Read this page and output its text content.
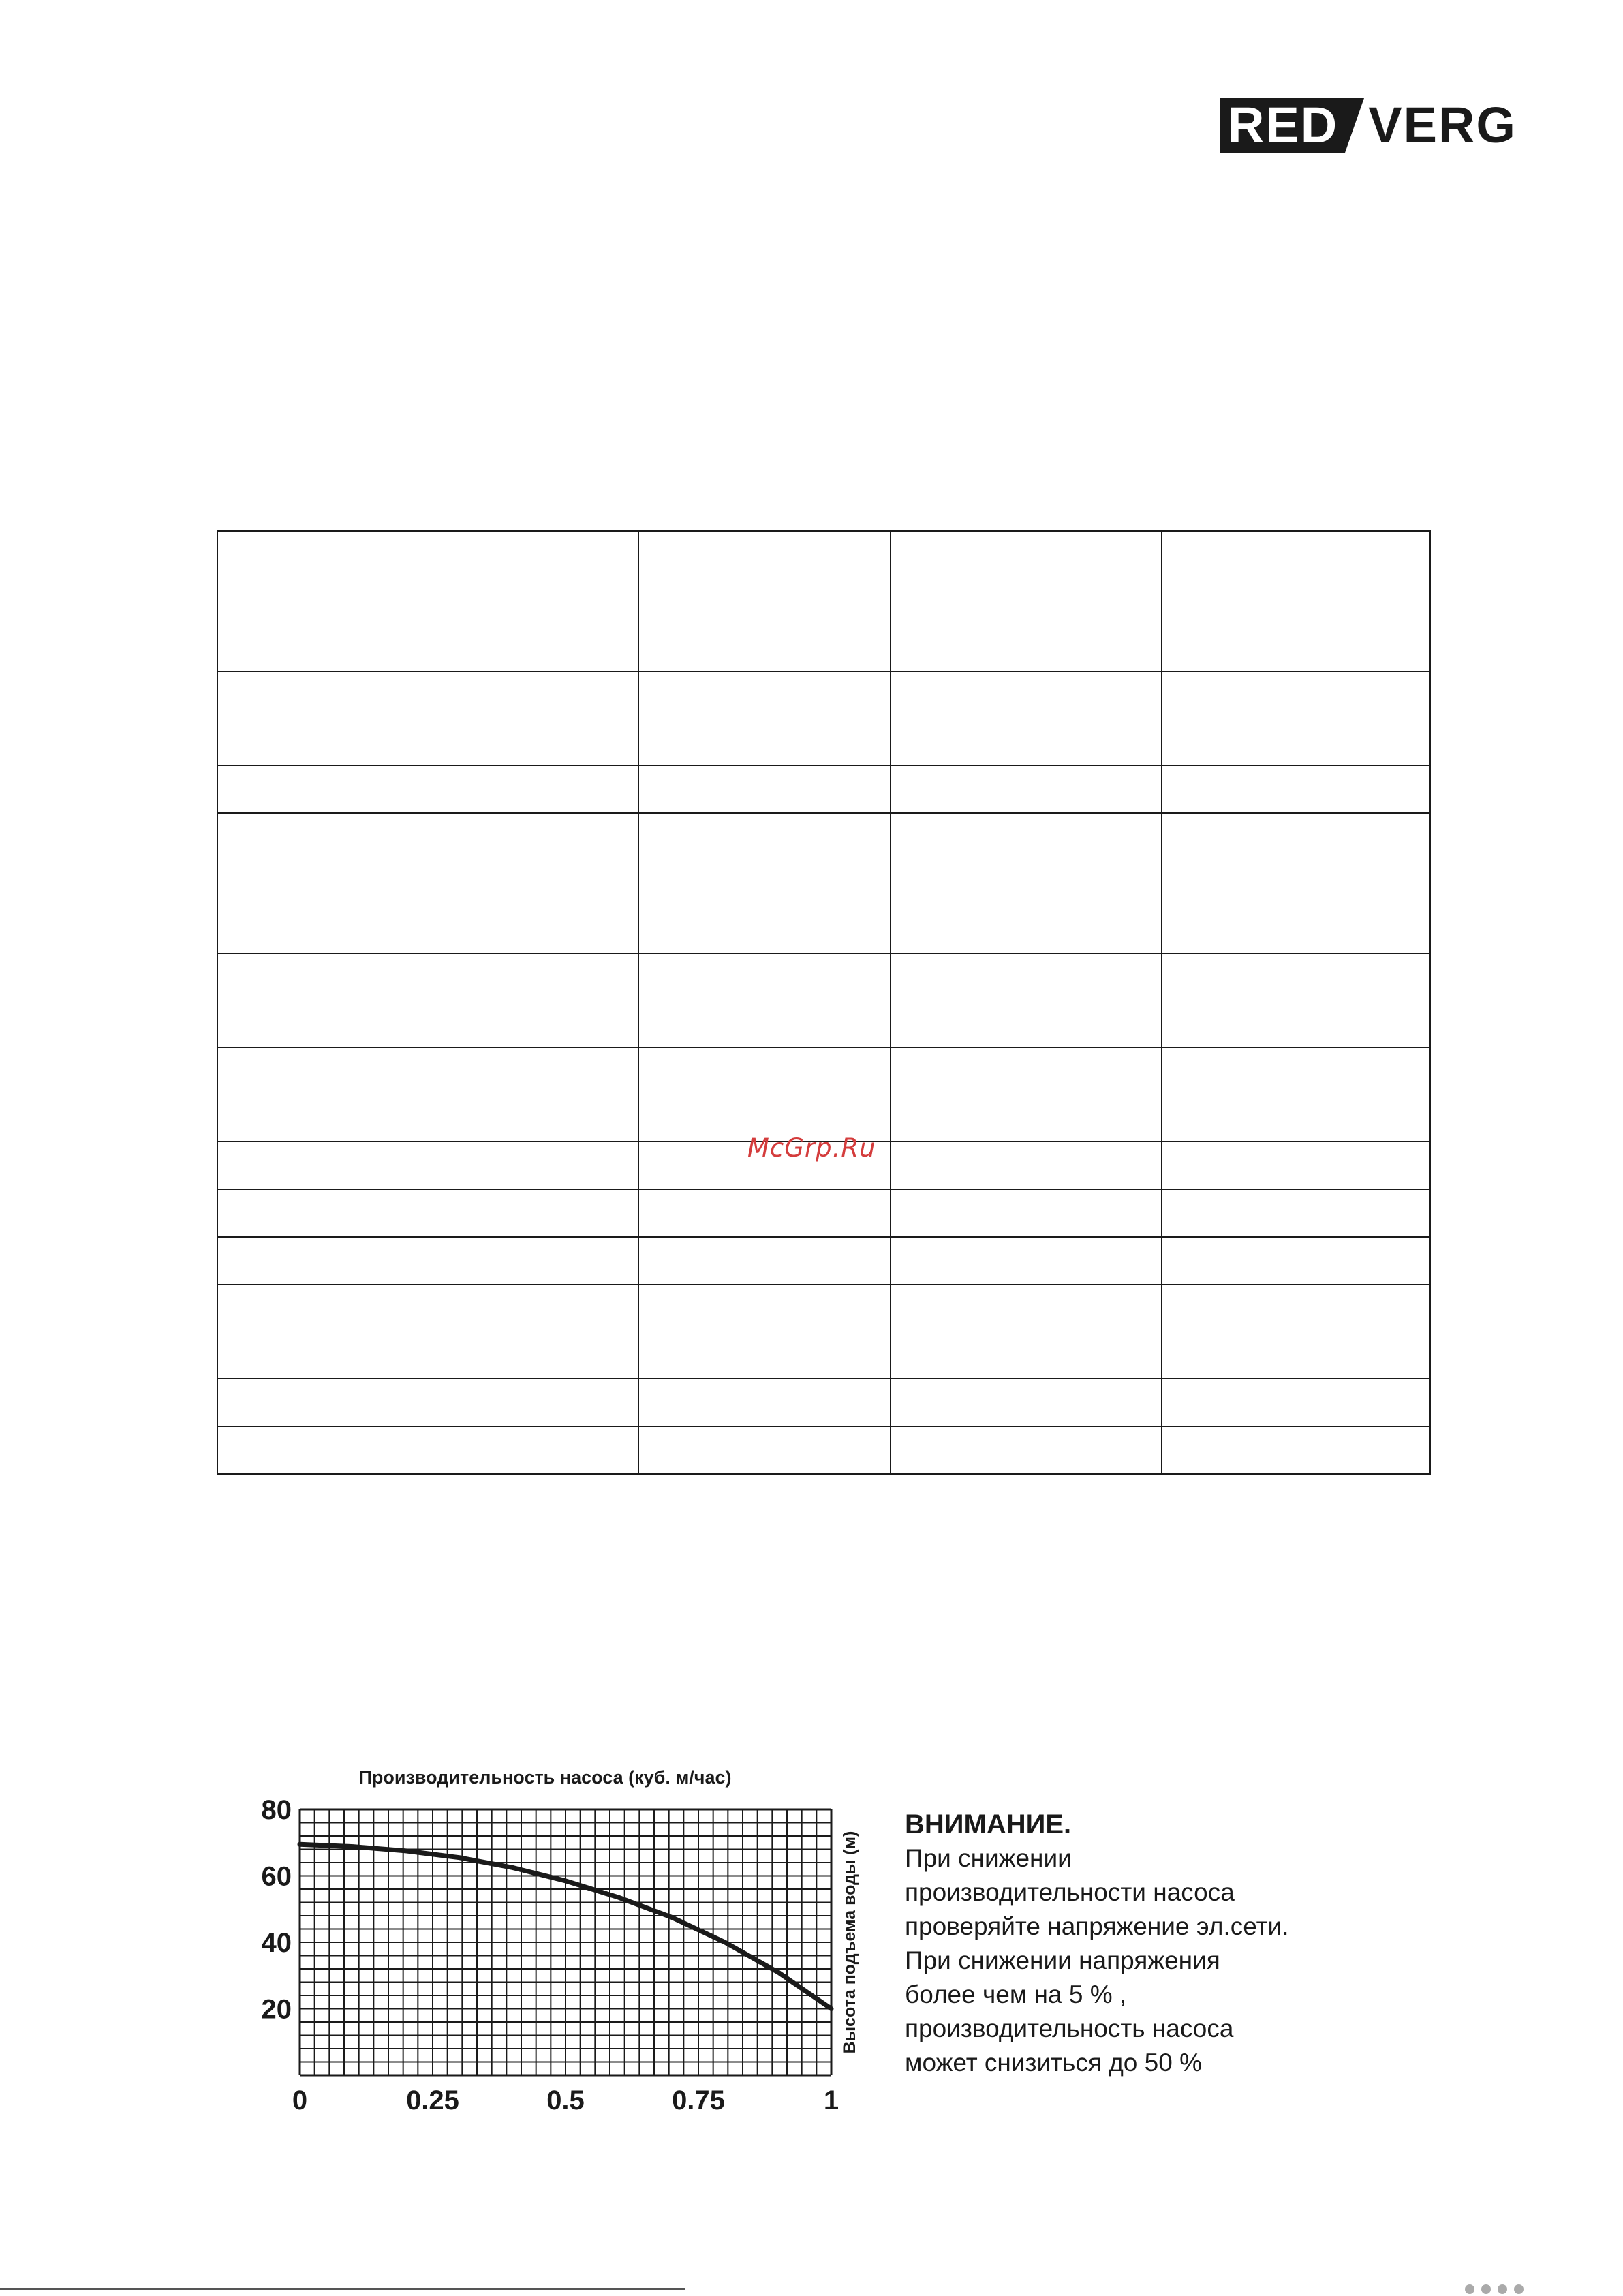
RED VERG

McGrp.Ru
0	0.25	0.5	0.75	1
20
40
60
80
Производительность насоса (куб. м/час)
Высота подъема воды (м)
ВНИМАНИЕ.
При снижении
производительности насоса
проверяйте напряжение эл.сети.
При снижении напряжения
более чем на 5 % ,
производительность насоса
может снизиться до 50 %
